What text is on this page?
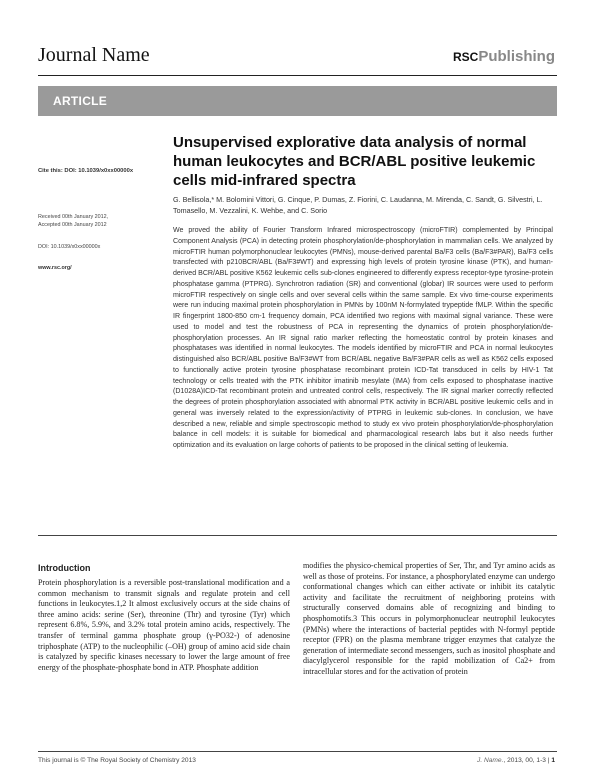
Journal Name	RSCPublishing
ARTICLE
Unsupervised explorative data analysis of normal human leukocytes and BCR/ABL positive leukemic cells mid-infrared spectra
G. Bellisola,* M. Bolomini Vittori, G. Cinque, P. Dumas, Z. Fiorini, C. Laudanna, M. Mirenda, C. Sandt, G. Silvestri, L. Tomasello, M. Vezzalini, K. Wehbe, and C. Sorio
Cite this: DOI: 10.1039/x0xx00000x
Received 00th January 2012,
Accepted 00th January 2012
DOI: 10.1039/x0xx00000x
www.rsc.org/
We proved the ability of Fourier Transform Infrared microspectroscopy (microFTIR) complemented by Principal Component Analysis (PCA) in detecting protein phosphorylation/de-phosphorylation in mammalian cells. We analyzed by microFTIR human polymorphonuclear leukocytes (PMNs), mouse-derived parental Ba/F3 cells (Ba/F3#PAR), Ba/F3 cells transfected with p210BCR/ABL (Ba/F3#WT) and expressing high levels of protein tyrosine kinase (PTK), and human-derived BCR/ABL positive K562 leukemic cells sub-clones engineered to differently express receptor-type tyrosine-protein phosphatase gamma (PTPRG). Synchrotron radiation (SR) and conventional (globar) IR sources were used to perform microFTIR respectively on single cells and over several cells within the same sample. Ex vivo time-course experiments were run inducing maximal protein phosphorylation in PMNs by 100nM N-formylated trypeptide fMLP. Within the specific IR fingerprint 1800-850 cm-1 frequency domain, PCA identified two regions with maximal signal variance. These were used to model and test the robustness of PCA in representing the dynamics of protein phosphorylation/de-phosphorylation processes. An IR signal ratio marker reflecting the homeostatic control by protein kinases and phosphatases was identified in normal leukocytes. The models identified by microFTIR and PCA in normal leukocytes distinguished also BCR/ABL positive Ba/F3#WT from BCR/ABL negative Ba/F3#PAR cells as well as K562 cells exposed to functionally active protein tyrosine phosphatase recombinant protein ICD-Tat transduced in cells by HIV-1 Tat technology or cells treated with the PTK inhibitor imatinib mesylate (IMA) from cells exposed to phosphatase inactive (D1028A)ICD-Tat recombinant protein and untreated control cells, respectively. The IR signal marker correctly reflected the degrees of protein phosphorylation associated with abnormal PTK activity in BCR/ABL positive leukemic cells and in general was inversely related to the expression/activity of PTPRG in leukemic sub-clones. In conclusion, we have described a new, reliable and simple spectroscopic method to study ex vivo protein phosphorylation/de-phosphorylation balance in cell models: it is suitable for biomedical and pharmacological research labs but it also needs further optimization and its evaluation on large cohorts of patients to be proposed in the clinical setting of leukemia.
Introduction
Protein phosphorylation is a reversible post-translational modification and a common mechanism to transmit signals and regulate protein and cell functions in leukocytes.1,2 It almost exclusively occurs at the side chains of three amino acids: serine (Ser), threonine (Thr) and tyrosine (Tyr) which represent 6.8%, 5.9%, and 3.2% total protein amino acids, respectively. The transfer of terminal gamma phosphate group (γ-PO32-) of adenosine triphosphate (ATP) to the nucleophilic (–OH) group of amino acid side chain is catalyzed by specific kinases necessary to lower the large amount of free energy of the phosphate-phosphate bond in ATP. Phosphate addition
modifies the physico-chemical properties of Ser, Thr, and Tyr amino acids as well as those of proteins. For instance, a phosphorylated enzyme can undergo conformational changes which can either activate or inhibit its catalytic activity and facilitate the recruitment of neighboring proteins with structurally conserved domains able of recognizing and binding to phosphomotifs.3 This occurs in polymorphonuclear neutrophil leukocytes (PMNs) where the interactions of bacterial peptides with N-formyl peptide receptor (FPR) on the plasma membrane trigger enzymes that catalyze the generation of intermediate second messengers, such as inositol phosphate and diacylglycerol responsible for the rapid mobilization of Ca2+ from intracellular stores and for the activation of protein
This journal is © The Royal Society of Chemistry 2013	J. Name., 2013, 00, 1-3 | 1
